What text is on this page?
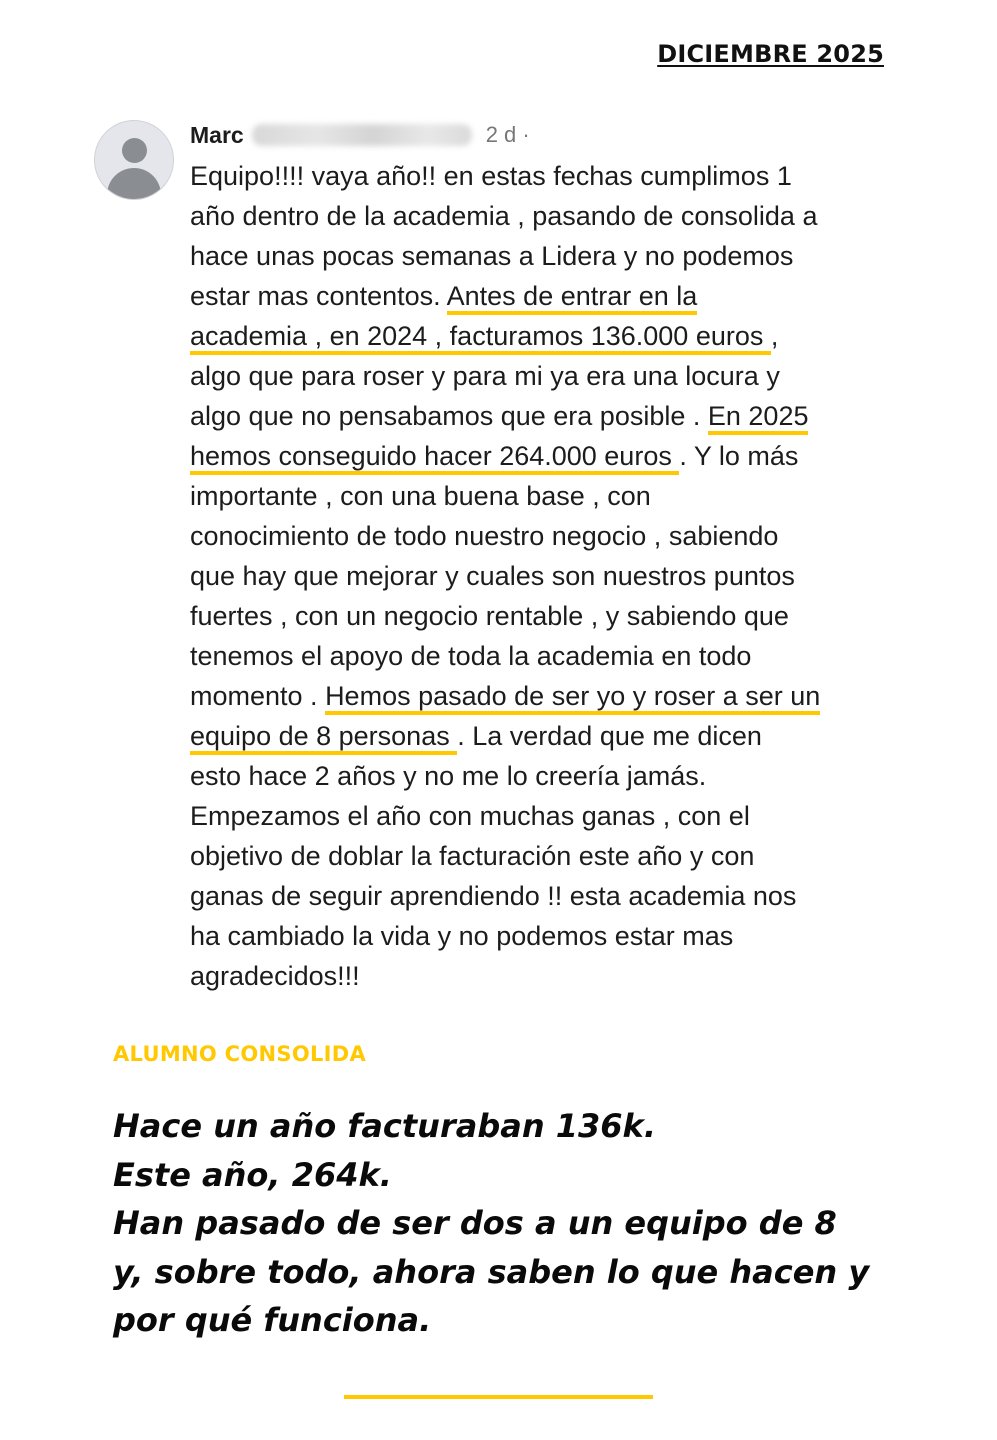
DICIEMBRE 2025
Marc	2 d ·
Equipo!!!! vaya año!! en estas fechas cumplimos 1
año dentro de la academia , pasando de consolida a
hace unas pocas semanas a Lidera y no podemos
estar mas contentos. Antes de entrar en la
academia , en 2024 , facturamos 136.000 euros ,
algo que para roser y para mi ya era una locura y
algo que no pensabamos que era posible . En 2025
hemos conseguido hacer 264.000 euros . Y lo más
importante , con una buena base , con
conocimiento de todo nuestro negocio , sabiendo
que hay que mejorar y cuales son nuestros puntos
fuertes , con un negocio rentable , y sabiendo que
tenemos el apoyo de toda la academia en todo
momento . Hemos pasado de ser yo y roser a ser un
equipo de 8 personas . La verdad que me dicen
esto hace 2 años y no me lo creería jamás.
Empezamos el año con muchas ganas , con el
objetivo de doblar la facturación este año y con
ganas de seguir aprendiendo !! esta academia nos
ha cambiado la vida y no podemos estar mas
agradecidos!!!
ALUMNO CONSOLIDA
Hace un año facturaban 136k.
Este año, 264k.
Han pasado de ser dos a un equipo de 8
y, sobre todo, ahora saben lo que hacen y
por qué funciona.
